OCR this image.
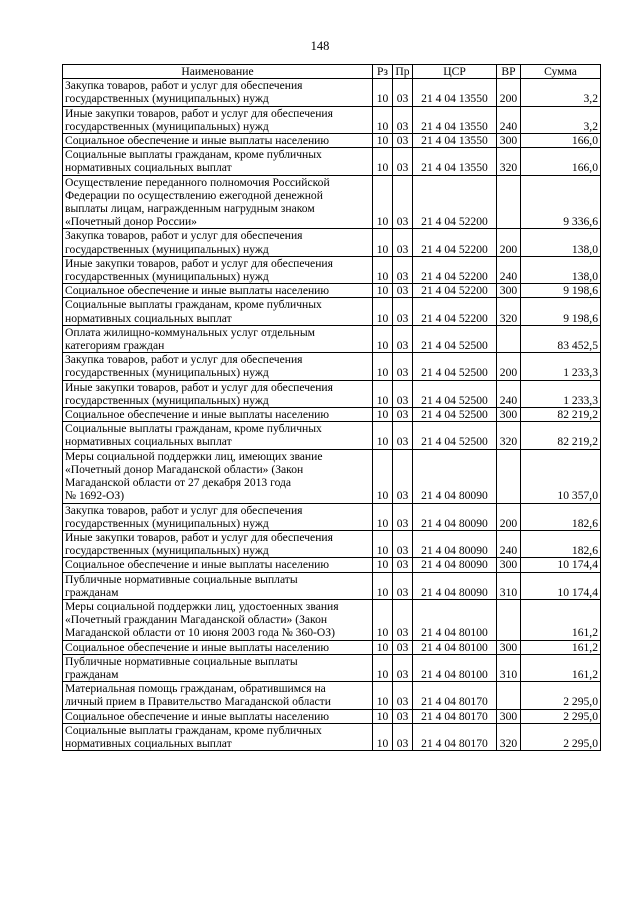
148
Наименование	Рз	Пр	ЦСР	ВР	Сумма
Закупка товаров, работ и услуг для обеспечения
государственных (муниципальных) нужд	10	03	21 4 04 13550	200	3,2
Иные закупки товаров, работ и услуг для обеспечения
государственных (муниципальных) нужд	10	03	21 4 04 13550	240	3,2
Социальное обеспечение и иные выплаты населению	10	03	21 4 04 13550	300	166,0
Социальные выплаты гражданам, кроме публичных
нормативных социальных выплат	10	03	21 4 04 13550	320	166,0
Осуществление переданного полномочия Российской
Федерации по осуществлению ежегодной денежной
выплаты лицам, награжденным нагрудным знаком
«Почетный донор России»	10	03	21 4 04 52200		9 336,6
Закупка товаров, работ и услуг для обеспечения
государственных (муниципальных) нужд	10	03	21 4 04 52200	200	138,0
Иные закупки товаров, работ и услуг для обеспечения
государственных (муниципальных) нужд	10	03	21 4 04 52200	240	138,0
Социальное обеспечение и иные выплаты населению	10	03	21 4 04 52200	300	9 198,6
Социальные выплаты гражданам, кроме публичных
нормативных социальных выплат	10	03	21 4 04 52200	320	9 198,6
Оплата жилищно-коммунальных услуг отдельным
категориям граждан	10	03	21 4 04 52500		83 452,5
Закупка товаров, работ и услуг для обеспечения
государственных (муниципальных) нужд	10	03	21 4 04 52500	200	1 233,3
Иные закупки товаров, работ и услуг для обеспечения
государственных (муниципальных) нужд	10	03	21 4 04 52500	240	1 233,3
Социальное обеспечение и иные выплаты населению	10	03	21 4 04 52500	300	82 219,2
Социальные выплаты гражданам, кроме публичных
нормативных социальных выплат	10	03	21 4 04 52500	320	82 219,2
Меры социальной поддержки лиц, имеющих звание
«Почетный донор Магаданской области» (Закон
Магаданской области от 27 декабря 2013 года
№ 1692-ОЗ)	10	03	21 4 04 80090		10 357,0
Закупка товаров, работ и услуг для обеспечения
государственных (муниципальных) нужд	10	03	21 4 04 80090	200	182,6
Иные закупки товаров, работ и услуг для обеспечения
государственных (муниципальных) нужд	10	03	21 4 04 80090	240	182,6
Социальное обеспечение и иные выплаты населению	10	03	21 4 04 80090	300	10 174,4
Публичные нормативные социальные выплаты
гражданам	10	03	21 4 04 80090	310	10 174,4
Меры социальной поддержки лиц, удостоенных звания
«Почетный гражданин Магаданской области» (Закон
Магаданской области от 10 июня 2003 года № 360-ОЗ)	10	03	21 4 04 80100		161,2
Социальное обеспечение и иные выплаты населению	10	03	21 4 04 80100	300	161,2
Публичные нормативные социальные выплаты
гражданам	10	03	21 4 04 80100	310	161,2
Материальная помощь гражданам, обратившимся на
личный прием в Правительство Магаданской области	10	03	21 4 04 80170		2 295,0
Социальное обеспечение и иные выплаты населению	10	03	21 4 04 80170	300	2 295,0
Социальные выплаты гражданам, кроме публичных
нормативных социальных выплат	10	03	21 4 04 80170	320	2 295,0
